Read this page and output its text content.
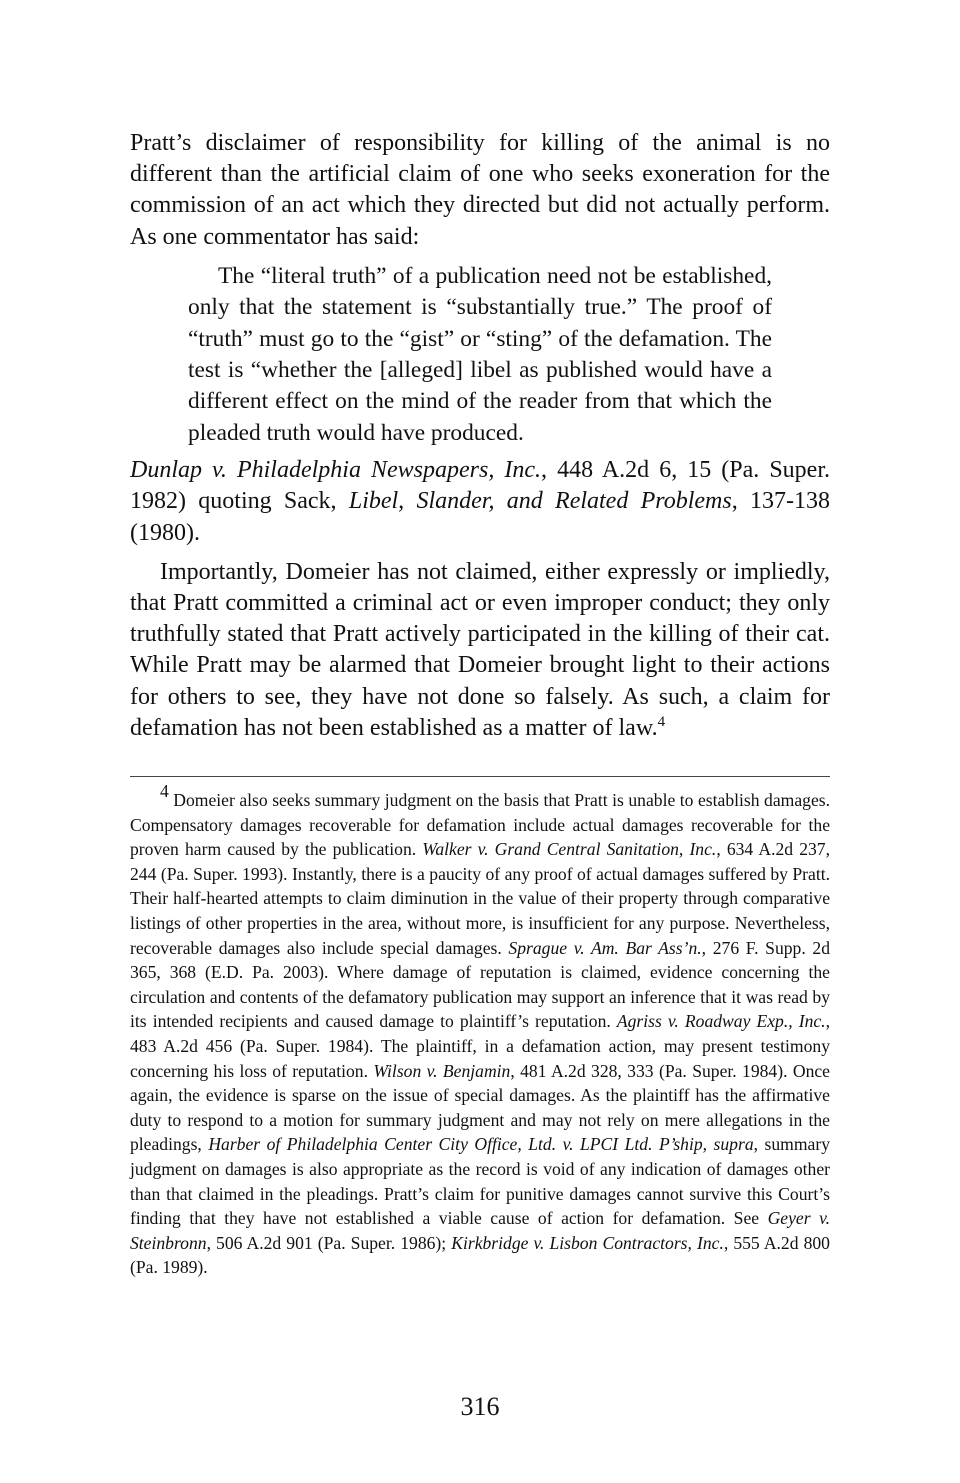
Pratt’s disclaimer of responsibility for killing of the animal is no different than the artificial claim of one who seeks exoneration for the commission of an act which they directed but did not actually perform. As one commentator has said:

The “literal truth” of a publication need not be established, only that the statement is “substantially true.” The proof of “truth” must go to the “gist” or “sting” of the defamation. The test is “whether the [alleged] libel as published would have a different effect on the mind of the reader from that which the pleaded truth would have produced.

Dunlap v. Philadelphia Newspapers, Inc., 448 A.2d 6, 15 (Pa. Super. 1982) quoting Sack, Libel, Slander, and Related Problems, 137-138 (1980).

Importantly, Domeier has not claimed, either expressly or impliedly, that Pratt committed a criminal act or even improper conduct; they only truthfully stated that Pratt actively participated in the killing of their cat. While Pratt may be alarmed that Domeier brought light to their actions for others to see, they have not done so falsely. As such, a claim for defamation has not been established as a matter of law.$^4$

$^4$ Domeier also seeks summary judgment on the basis that Pratt is unable to establish damages. Compensatory damages recoverable for defamation include actual damages recoverable for the proven harm caused by the publication. Walker v. Grand Central Sanitation, Inc., 634 A.2d 237, 244 (Pa. Super. 1993). Instantly, there is a paucity of any proof of actual damages suffered by Pratt. Their half-hearted attempts to claim diminution in the value of their property through comparative listings of other properties in the area, without more, is insufficient for any purpose. Nevertheless, recoverable damages also include special damages. Sprague v. Am. Bar Ass’n., 276 F. Supp. 2d 365, 368 (E.D. Pa. 2003). Where damage of reputation is claimed, evidence concerning the circulation and contents of the defamatory publication may support an inference that it was read by its intended recipients and caused damage to plaintiff’s reputation. Agriss v. Roadway Exp., Inc., 483 A.2d 456 (Pa. Super. 1984). The plaintiff, in a defamation action, may present testimony concerning his loss of reputation. Wilson v. Benjamin, 481 A.2d 328, 333 (Pa. Super. 1984). Once again, the evidence is sparse on the issue of special damages. As the plaintiff has the affirmative duty to respond to a motion for summary judgment and may not rely on mere allegations in the pleadings, Harber of Philadelphia Center City Office, Ltd. v. LPCI Ltd. P’ship, supra, summary judgment on damages is also appropriate as the record is void of any indication of damages other than that claimed in the pleadings. Pratt’s claim for punitive damages cannot survive this Court’s finding that they have not established a viable cause of action for defamation. See Geyer v. Steinbronn, 506 A.2d 901 (Pa. Super. 1986); Kirkbridge v. Lisbon Contractors, Inc., 555 A.2d 800 (Pa. 1989).

316
